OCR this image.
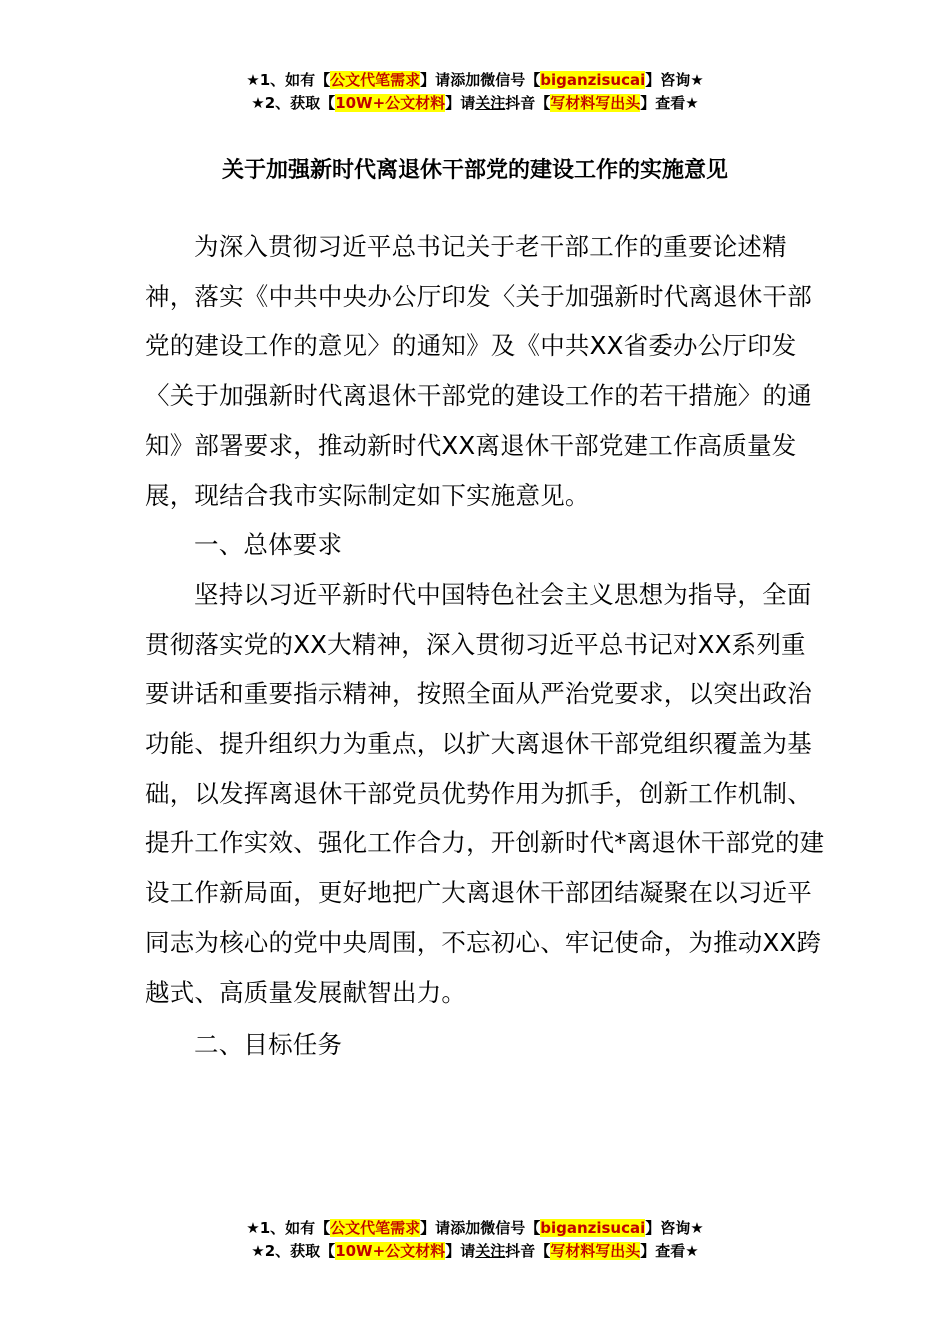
★1、如有【公文代笔需求】请添加微信号【biganzisucai】咨询★
★2、获取【10W+公文材料】请关注抖音【写材料写出头】查看★
关于加强新时代离退休干部党的建设工作的实施意见

为深入贯彻习近平总书记关于老干部工作的重要论述精神，落实《中共中央办公厅印发〈关于加强新时代离退休干部党的建设工作的意见〉的通知》及《中共XX省委办公厅印发〈关于加强新时代离退休干部党的建设工作的若干措施〉的通知》部署要求，推动新时代XX离退休干部党建工作高质量发展，现结合我市实际制定如下实施意见。

一、总体要求

坚持以习近平新时代中国特色社会主义思想为指导，全面贯彻落实党的XX大精神，深入贯彻习近平总书记对XX系列重要讲话和重要指示精神，按照全面从严治党要求，以突出政治功能、提升组织力为重点，以扩大离退休干部党组织覆盖为基础，以发挥离退休干部党员优势作用为抓手，创新工作机制、提升工作实效、强化工作合力，开创新时代*离退休干部党的建设工作新局面，更好地把广大离退休干部团结凝聚在以习近平同志为核心的党中央周围，不忘初心、牢记使命，为推动XX跨越式、高质量发展献智出力。

二、目标任务

★1、如有【公文代笔需求】请添加微信号【biganzisucai】咨询★
★2、获取【10W+公文材料】请关注抖音【写材料写出头】查看★
